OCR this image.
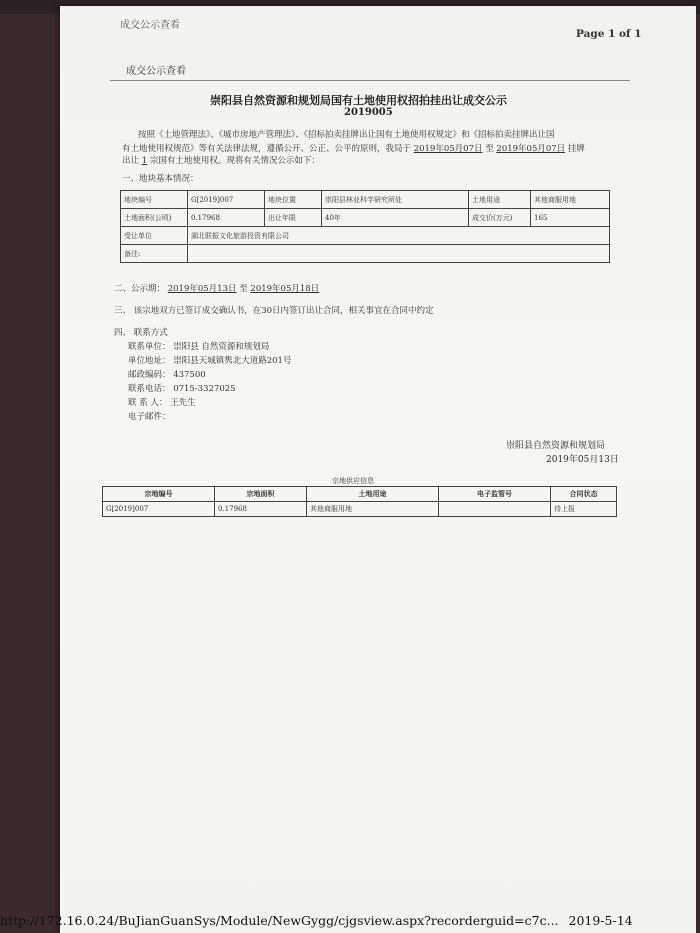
成交公示查看
Page 1 of 1
成交公示查看
崇阳县自然资源和规划局国有土地使用权招拍挂出让成交公示
2019005
按照《土地管理法》、《城市房地产管理法》、《招标拍卖挂牌出让国有土地使用权规定》和《招标拍卖挂牌出让国
有土地使用权规范》等有关法律法规，遵循公开、公正、公平的原则，我局于 2019年05月07日 至 2019年05月07日 挂牌
出让 1 宗国有土地使用权。现将有关情况公示如下：
一、地块基本情况：
地块编号	G[2019]007	地块位置	崇阳县林业科学研究所处	土地用途	其他商服用地
土地面积(公顷)	0.17968	出让年限	40年	成交价(万元)	165
受让单位	湖北联振文化旅游投资有限公司				
备注:					
二、公示期： 2019年05月13日 至 2019年05月18日
三、 该宗地双方已签订成交确认书，在30日内签订出让合同，相关事宜在合同中约定
四、 联系方式
联系单位： 崇阳县 自然资源和规划局
单位地址： 崇阳县天城镇隽北大道路201号
邮政编码： 437500
联系电话： 0715-3327025
联 系 人： 王先生
电子邮件：
崇阳县自然资源和规划局
2019年05月13日
宗地供应信息
宗地编号	宗地面积	土地用途	电子监管号	合同状态
G[2019]007	0.17968	其他商服用地		待上报
http://172.16.0.24/BuJianGuanSys/Module/NewGygg/cjgsview.aspx?recorderguid=c7c... 2019-5-14
